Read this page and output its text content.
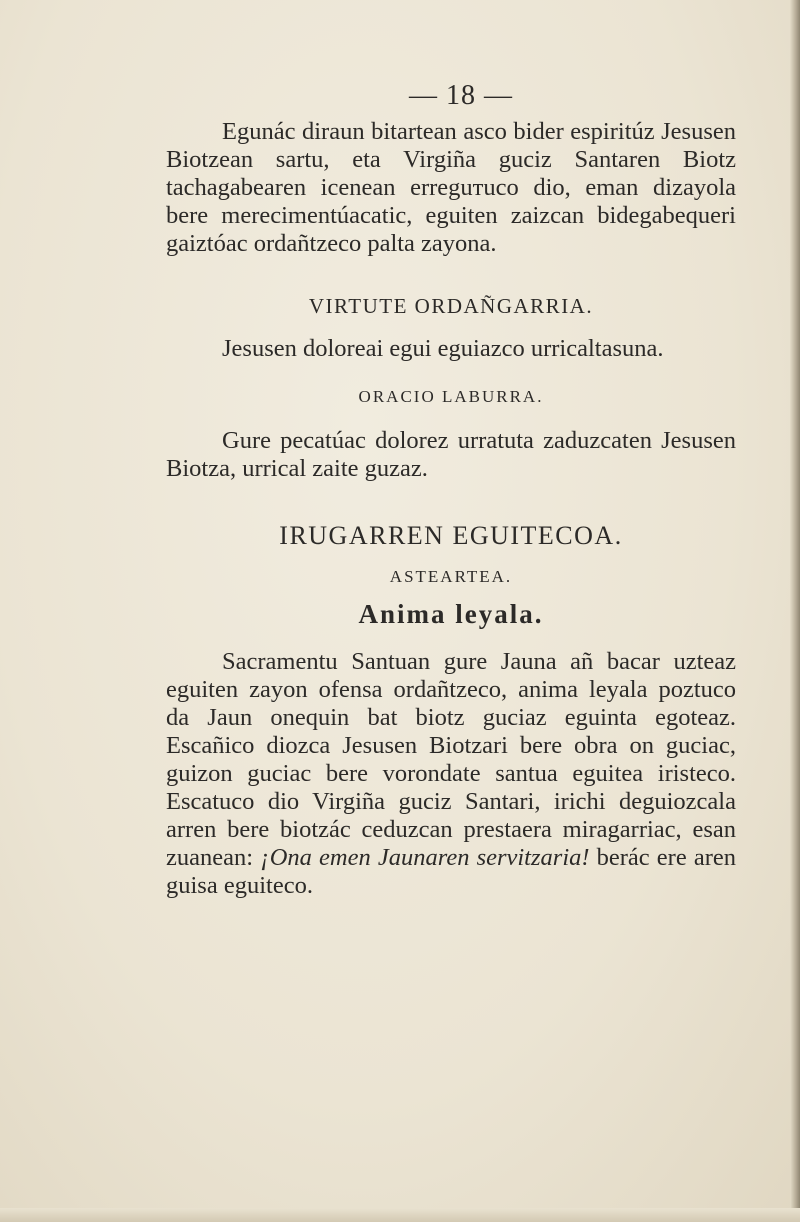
— 18 —

Egunác diraun bitartean asco bider espiritúz Jesusen Biotzean sartu, eta Virgiña guciz Santaren Biotz tachagabearen icenean erreguтuco dio, eman dizayola bere merecimentúacatic, eguiten zaizcan bidegabequeri gaiztóac ordañtzeco palta zayona.

VIRTUTE ORDAÑGARRIA.

Jesusen doloreai egui eguiazco urricaltasuna.

ORACIO LABURRA.

Gure pecatúac dolorez urratuta zaduzcaten Jesusen Biotza, urrical zaite guzaz.

IRUGARREN EGUITECOA.
ASTEARTEA.
Anima leyala.

Sacramentu Santuan gure Jauna añ bacar uzteaz eguiten zayon ofensa ordañtzeco, anima leyala poztuco da Jaun onequin bat biotz guciaz eguinta egoteaz. Escañico diozca Jesusen Biotzari bere obra on guciac, guizon guciac bere vorondate santua eguitea iristeco. Escatuco dio Virgiña guciz Santari, irichi deguiozcala arren bere biotzác ceduzcan prestaera miragarriac, esan zuanean: ¡Ona emen Jaunaren servitzaria! berác ere aren guisa eguiteco.
